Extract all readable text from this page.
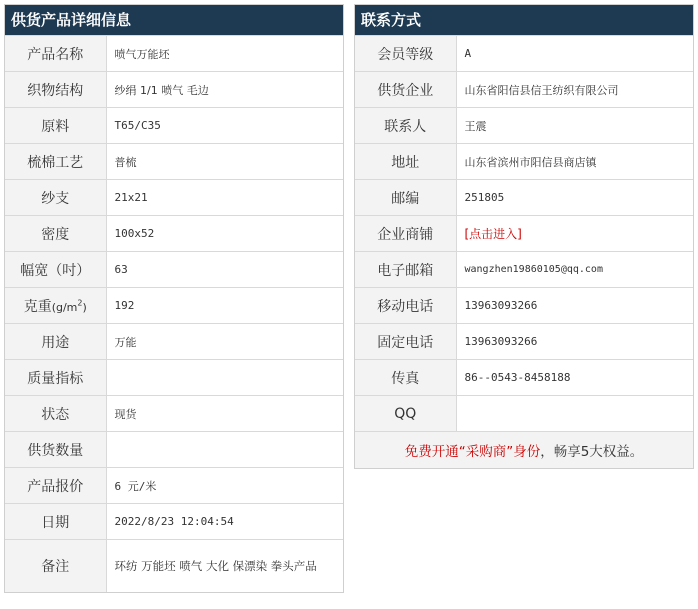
供货产品详细信息
产品名称	喷气万能坯
织物结构	纱绢 1/1 喷气 毛边
原料	T65/C35
梳棉工艺	普梳
纱支	21x21
密度	100x52
幅宽（吋）	63
克重$(g/m^2)$	192
用途	万能
质量指标	
状态	现货
供货数量	
产品报价	6 元/米
日期	2022/8/23 12:04:54
备注	环纺 万能坯 喷气 大化 保漂染 拳头产品
联系方式
会员等级	A
供货企业	山东省阳信县信王纺织有限公司
联系人	王震
地址	山东省滨州市阳信县商店镇
邮编	251805
企业商铺	[点击进入]
电子邮箱	wangzhen19860105@qq.com
移动电话	13963093266
固定电话	13963093266
传真	86--0543-8458188
QQ	
免费开通“采购商”身份，畅享5大权益。	
